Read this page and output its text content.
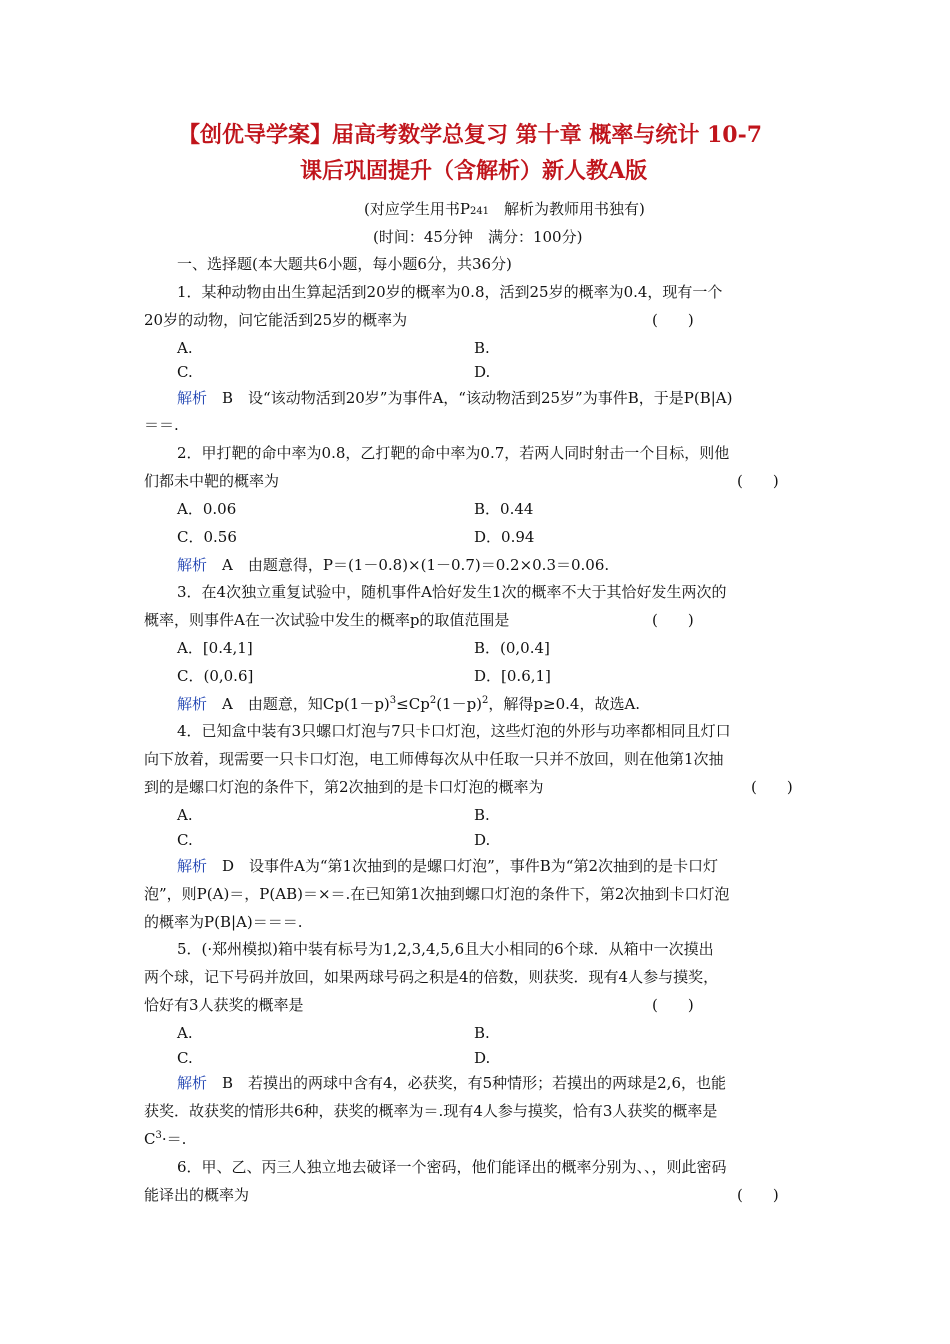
【创优导学案】届高考数学总复习 第十章 概率与统计 10-7
课后巩固提升（含解析）新人教A版
(对应学生用书P241　解析为教师用书独有)
(时间：45分钟　满分：100分)
一、选择题(本大题共6小题，每小题6分，共36分)
1．某种动物由出生算起活到20岁的概率为0.8，活到25岁的概率为0.4，现有一个
20岁的动物，问它能活到25岁的概率为	(　　)
A.	B.
C.	D.
解析　B　设“该动物活到20岁”为事件A，“该动物活到25岁”为事件B，于是P(B|A)
＝＝.
2．甲打靶的命中率为0.8，乙打靶的命中率为0.7，若两人同时射击一个目标，则他
们都未中靶的概率为	(　　)
A．0.06	B．0.44
C．0.56	D．0.94
解析　A　由题意得，P＝(1－0.8)×(1－0.7)＝0.2×0.3＝0.06.
3．在4次独立重复试验中，随机事件A恰好发生1次的概率不大于其恰好发生两次的
概率，则事件A在一次试验中发生的概率p的取值范围是	(　　)
A．[0.4,1]	B．(0,0.4]
C．(0,0.6]	D．[0.6,1]
解析　A　由题意，知$Cp(1-p)^3\le Cp^2(1-p)^2$，解得p≥0.4，故选A.
4．已知盒中装有3只螺口灯泡与7只卡口灯泡，这些灯泡的外形与功率都相同且灯口
向下放着，现需要一只卡口灯泡，电工师傅每次从中任取一只并不放回，则在他第1次抽
到的是螺口灯泡的条件下，第2次抽到的是卡口灯泡的概率为	(　　)
A.	B.
C.	D.
解析　D　设事件A为“第1次抽到的是螺口灯泡”，事件B为“第2次抽到的是卡口灯
泡”，则P(A)＝，P(AB)＝×＝.在已知第1次抽到螺口灯泡的条件下，第2次抽到卡口灯泡
的概率为P(B|A)＝＝＝.
5．(·郑州模拟)箱中装有标号为1,2,3,4,5,6且大小相同的6个球．从箱中一次摸出
两个球，记下号码并放回，如果两球号码之积是4的倍数，则获奖．现有4人参与摸奖，
恰好有3人获奖的概率是	(　　)
A.	B.
C.	D.
解析　B　若摸出的两球中含有4，必获奖，有5种情形；若摸出的两球是2,6，也能
获奖．故获奖的情形共6种，获奖的概率为＝.现有4人参与摸奖，恰有3人获奖的概率是
$C^3\cdot=$.
6．甲、乙、丙三人独立地去破译一个密码，他们能译出的概率分别为、、，则此密码
能译出的概率为	(　　)
